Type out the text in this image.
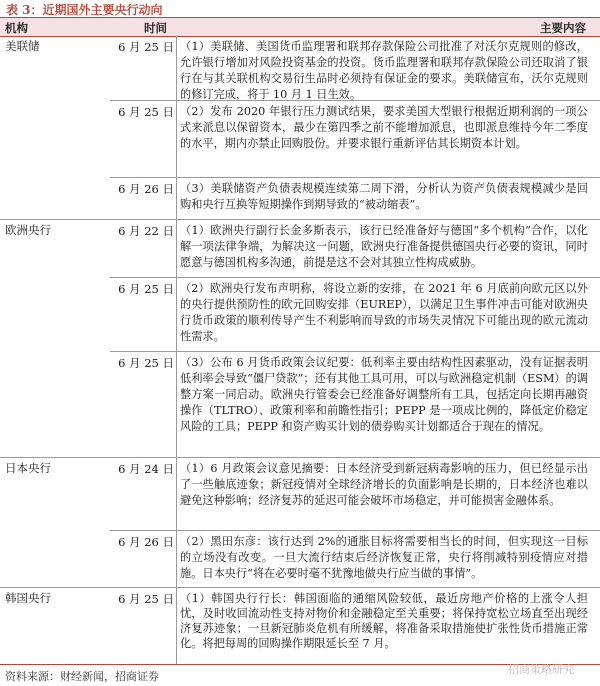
表 3：近期国外主要央行动向
机构	时间	主要内容
美联储	6 月 25 日 （1）美联储、美国货币监理署和联邦存款保险公司批准了对沃尔克规则的修改，允许银行增加对风险投资基金的投资。货币监理署和联邦存款保险公司还取消了银行在与其关联机构交易衍生品时必须持有保证金的要求。美联储宣布，沃尔克规则的修订完成，将于 10 月 1 日生效。
6 月 25 日 （2）发布 2020 年银行压力测试结果，要求美国大型银行根据近期利润的一项公式来派息以保留资本，最少在第四季之前不能增加派息，也即派息维持今年二季度的水平，期内亦禁止回购股份。并要求银行重新评估其长期资本计划。
6 月 26 日 （3）美联储资产负债表规模连续第二周下滑，分析认为资产负债表规模减少是回购和央行互换等短期操作到期导致的“被动缩表”。
欧洲央行	6 月 22 日 （1）欧洲央行副行长金多斯表示，该行已经准备好与德国“多个机构”合作，以化解一项法律争端，为解决这一问题，欧洲央行准备提供德国央行必要的资讯，同时愿意与德国机构多沟通，前提是这不会对其独立性构成威胁。
6 月 25 日 （2）欧洲央行发布声明称，将设立新的安排，在 2021 年 6 月底前向欧元区以外的央行提供预防性的欧元回购安排（EUREP），以满足卫生事件冲击可能对欧洲央行货币政策的顺利传导产生不利影响而导致的市场失灵情况下可能出现的欧元流动性需求。
6 月 25 日 （3）公布 6 月货币政策会议纪要：低利率主要由结构性因素驱动，没有证据表明低利率会导致“僵尸贷款”；还有其他工具可用，可以与欧洲稳定机制（ESM）的调整方案一同启动。欧洲央行管委会已经准备好调整所有工具，包括定向长期再融资操作（TLTRO）、政策利率和前瞻性指引；PEPP 是一项成比例的，降低定价稳定风险的工具；PEPP 和资产购买计划的债券购买计划都适合于现在的情况。
日本央行	6 月 24 日 （1）6 月政策会议意见摘要：日本经济受到新冠病毒影响的压力，但已经显示出了一些触底迹象；新冠疫情对全球经济增长的负面影响是长期的，日本经济也难以避免这种影响；经济复苏的延迟可能会破坏市场稳定，并可能损害金融体系。
6 月 26 日 （2）黑田东彦：该行达到 2%的通胀目标将需要相当长的时间，但实现这一目标的立场没有改变。一旦大流行结束后经济恢复正常，央行将削减特别疫情应对措施。日本央行“将在必要时毫不犹豫地做央行应当做的事情”。
韩国央行	6 月 25 日 （1）韩国央行行长：韩国面临的通缩风险较低，最近房地产价格的上涨令人担忧，及时收回流动性支持对物价和金融稳定至关重要；将保持宽松立场直至出现经济复苏迹象；一旦新冠肺炎危机有所缓解，将准备采取措施使扩张性货币措施正常化。将把每周的回购操作期限延长至 7 月。
资料来源：财经新闻，招商证券
招商策略研究
